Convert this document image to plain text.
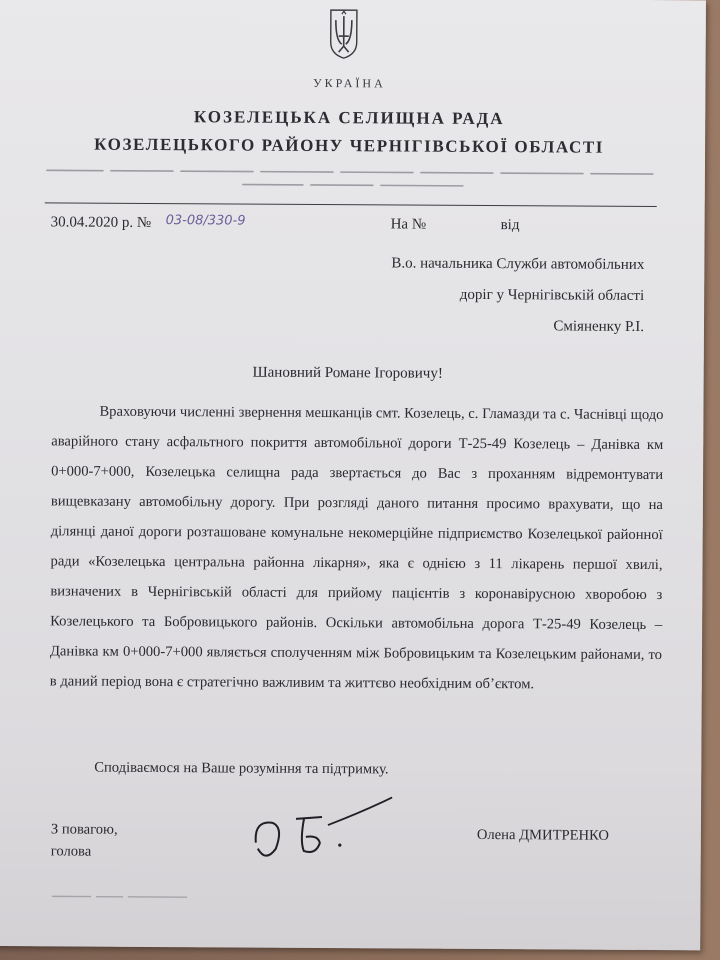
УКРАЇНА
КОЗЕЛЕЦЬКА СЕЛИЩНА РАДА
КОЗЕЛЕЦЬКОГО РАЙОНУ ЧЕРНІГІВСЬКОЇ ОБЛАСТІ
30.04.2020 р. № 03-08/330-9	На №	від
В.о. начальника Служби автомобільних
доріг у Чернігівській області
Сміяненку Р.І.
Шановний Романе Ігоровичу!
Враховуючи численні звернення мешканців смт. Козелець, с. Гламазди та с. Часнівці щодо аварійного стану асфальтного покриття автомобільної дороги Т-25-49 Козелець – Данівка км 0+000-7+000, Козелецька селищна рада звертається до Вас з проханням відремонтувати вищевказану автомобільну дорогу. При розгляді даного питання просимо врахувати, що на ділянці даної дороги розташоване комунальне некомерційне підприємство Козелецької районної ради «Козелецька центральна районна лікарня», яка є однією з 11 лікарень першої хвилі, визначених в Чернігівській області для прийому пацієнтів з коронавірусною хворобою з Козелецького та Бобровицького районів. Оскільки автомобільна дорога Т-25-49 Козелець – Данівка км 0+000-7+000 являється сполученням між Бобровицьким та Козелецьким районами, то в даний період вона є стратегічно важливим та життєво необхідним об’єктом.
Сподіваємося на Ваше розуміння та підтримку.
З повагою,
голова
Олена ДМИТРЕНКО
